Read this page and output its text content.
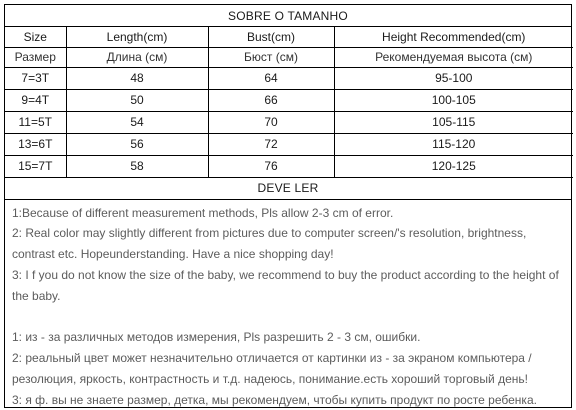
SOBRE O TAMANHO
Size	Length(cm)	Bust(cm)	Height Recommended(cm)
Размер	Длина (см)	Бюст (см)	Рекомендуемая высота (см)
7=3T	48	64	95-100
9=4T	50	66	100-105
11=5T	54	70	105-115
13=6T	56	72	115-120
15=7T	58	76	120-125
DEVE LER
1:Because of different measurement methods, Pls allow 2-3 cm of error.
2: Real color may slightly different from pictures due to computer screen/'s resolution, brightness,
contrast etc. Hopeunderstanding. Have a nice shopping day!
3: I f you do not know the size of the baby, we recommend to buy the product according to the height of
the baby.
1: из - за различных методов измерения, Pls разрешить 2 - 3 см, ошибки.
2: реальный цвет может незначительно отличается от картинки из - за экраном компьютера /
резолюция, яркость, контрастность и т.д. надеюсь, понимание.есть хороший торговый день!
3: я ф. вы не знаете размер, детка, мы рекомендуем, чтобы купить продукт по росте ребенка.
